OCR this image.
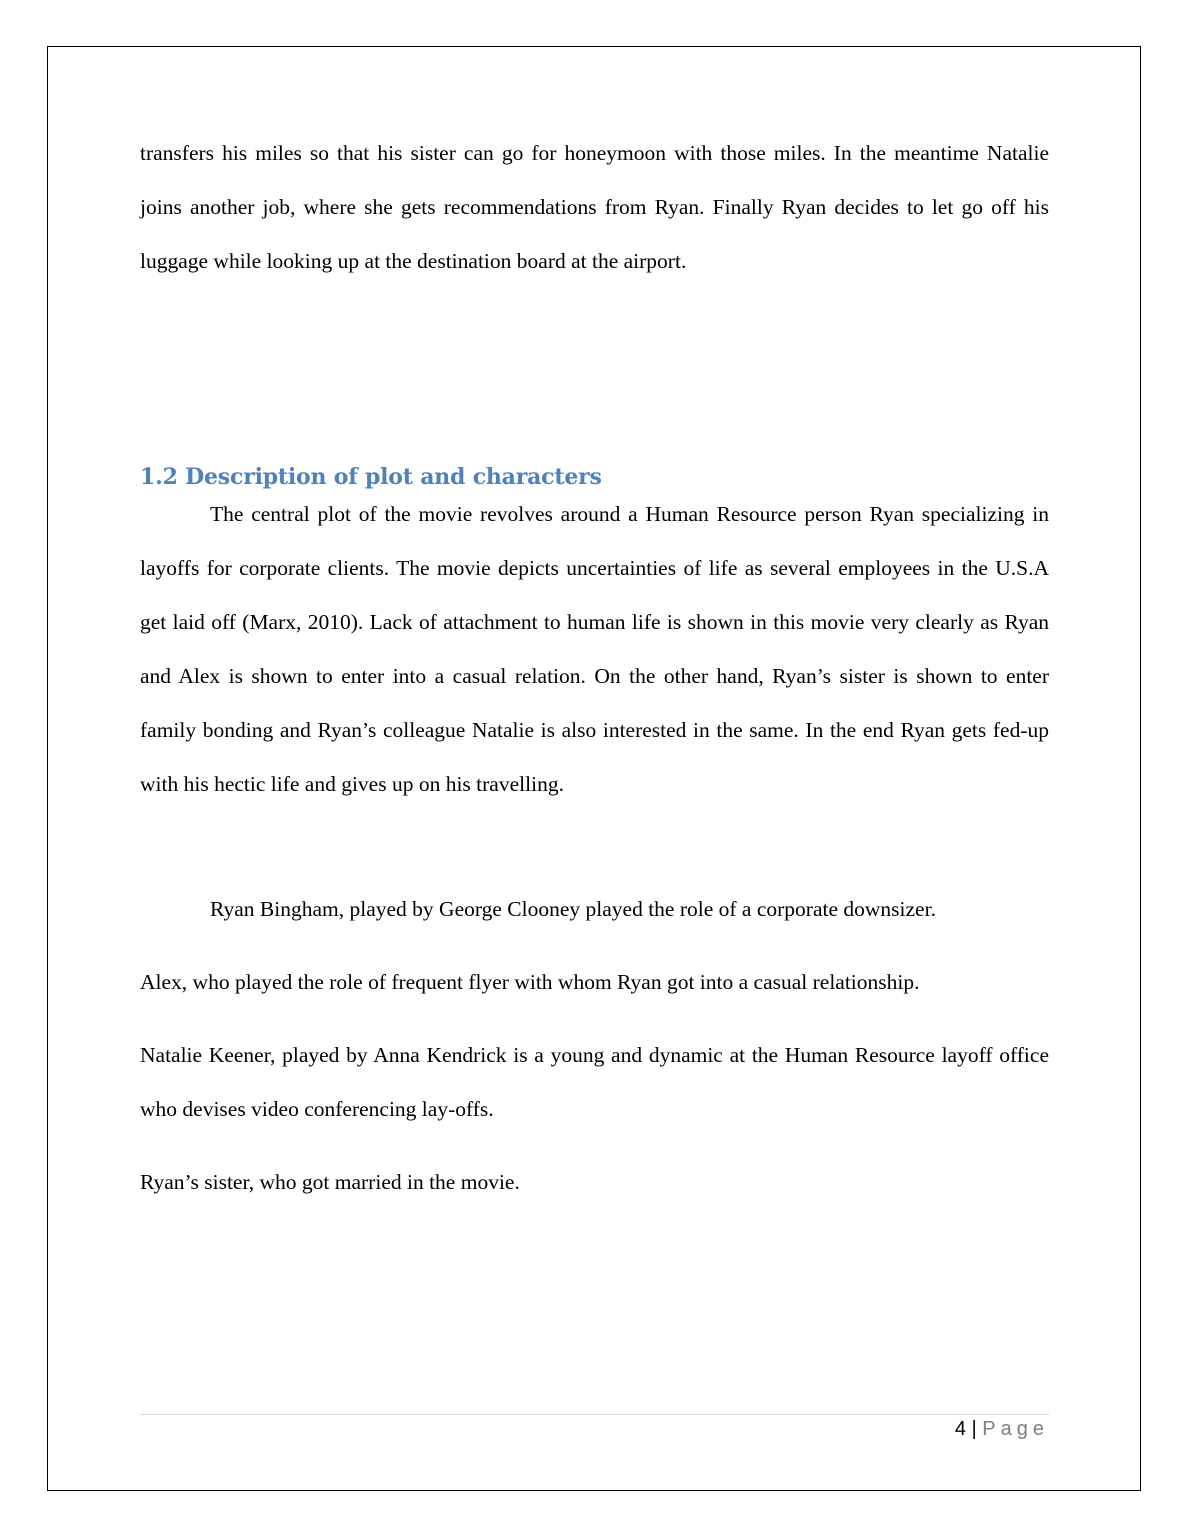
transfers his miles so that his sister can go for honeymoon with those miles. In the meantime Natalie joins another job, where she gets recommendations from Ryan. Finally Ryan decides to let go off his luggage while looking up at the destination board at the airport.

1.2 Description of plot and characters

The central plot of the movie revolves around a Human Resource person Ryan specializing in layoffs for corporate clients. The movie depicts uncertainties of life as several employees in the U.S.A get laid off (Marx, 2010). Lack of attachment to human life is shown in this movie very clearly as Ryan and Alex is shown to enter into a casual relation. On the other hand, Ryan’s sister is shown to enter family bonding and Ryan’s colleague Natalie is also interested in the same. In the end Ryan gets fed-up with his hectic life and gives up on his travelling.

Ryan Bingham, played by George Clooney played the role of a corporate downsizer.

Alex, who played the role of frequent flyer with whom Ryan got into a casual relationship.

Natalie Keener, played by Anna Kendrick is a young and dynamic at the Human Resource layoff office who devises video conferencing lay-offs.

Ryan’s sister, who got married in the movie.

4 | Page
